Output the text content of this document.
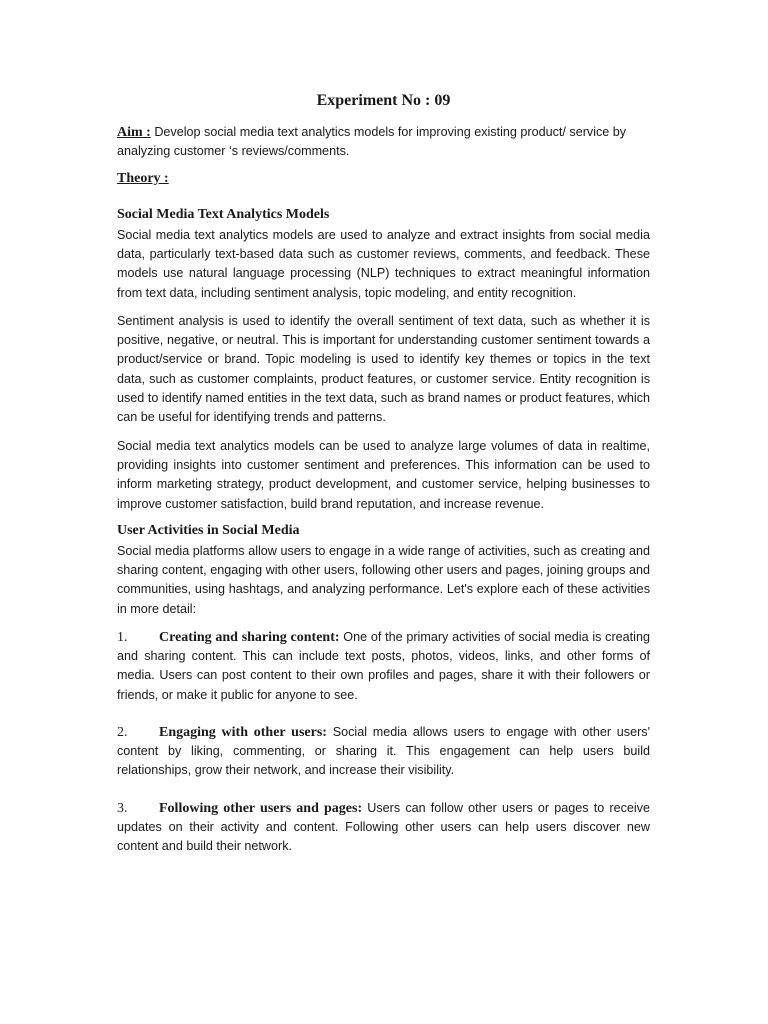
Experiment No : 09
Aim : Develop social media text analytics models for improving existing product/ service by analyzing customer ‘s reviews/comments.
Theory :
Social Media Text Analytics Models
Social media text analytics models are used to analyze and extract insights from social media data, particularly text-based data such as customer reviews, comments, and feedback. These models use natural language processing (NLP) techniques to extract meaningful information from text data, including sentiment analysis, topic modeling, and entity recognition.
Sentiment analysis is used to identify the overall sentiment of text data, such as whether it is positive, negative, or neutral. This is important for understanding customer sentiment towards a product/service or brand. Topic modeling is used to identify key themes or topics in the text data, such as customer complaints, product features, or customer service. Entity recognition is used to identify named entities in the text data, such as brand names or product features, which can be useful for identifying trends and patterns.
Social media text analytics models can be used to analyze large volumes of data in realtime, providing insights into customer sentiment and preferences. This information can be used to inform marketing strategy, product development, and customer service, helping businesses to improve customer satisfaction, build brand reputation, and increase revenue.
User Activities in Social Media
Social media platforms allow users to engage in a wide range of activities, such as creating and sharing content, engaging with other users, following other users and pages, joining groups and communities, using hashtags, and analyzing performance. Let's explore each of these activities in more detail:
1. Creating and sharing content: One of the primary activities of social media is creating and sharing content. This can include text posts, photos, videos, links, and other forms of media. Users can post content to their own profiles and pages, share it with their followers or friends, or make it public for anyone to see.
2. Engaging with other users: Social media allows users to engage with other users' content by liking, commenting, or sharing it. This engagement can help users build relationships, grow their network, and increase their visibility.
3. Following other users and pages: Users can follow other users or pages to receive updates on their activity and content. Following other users can help users discover new content and build their network.
